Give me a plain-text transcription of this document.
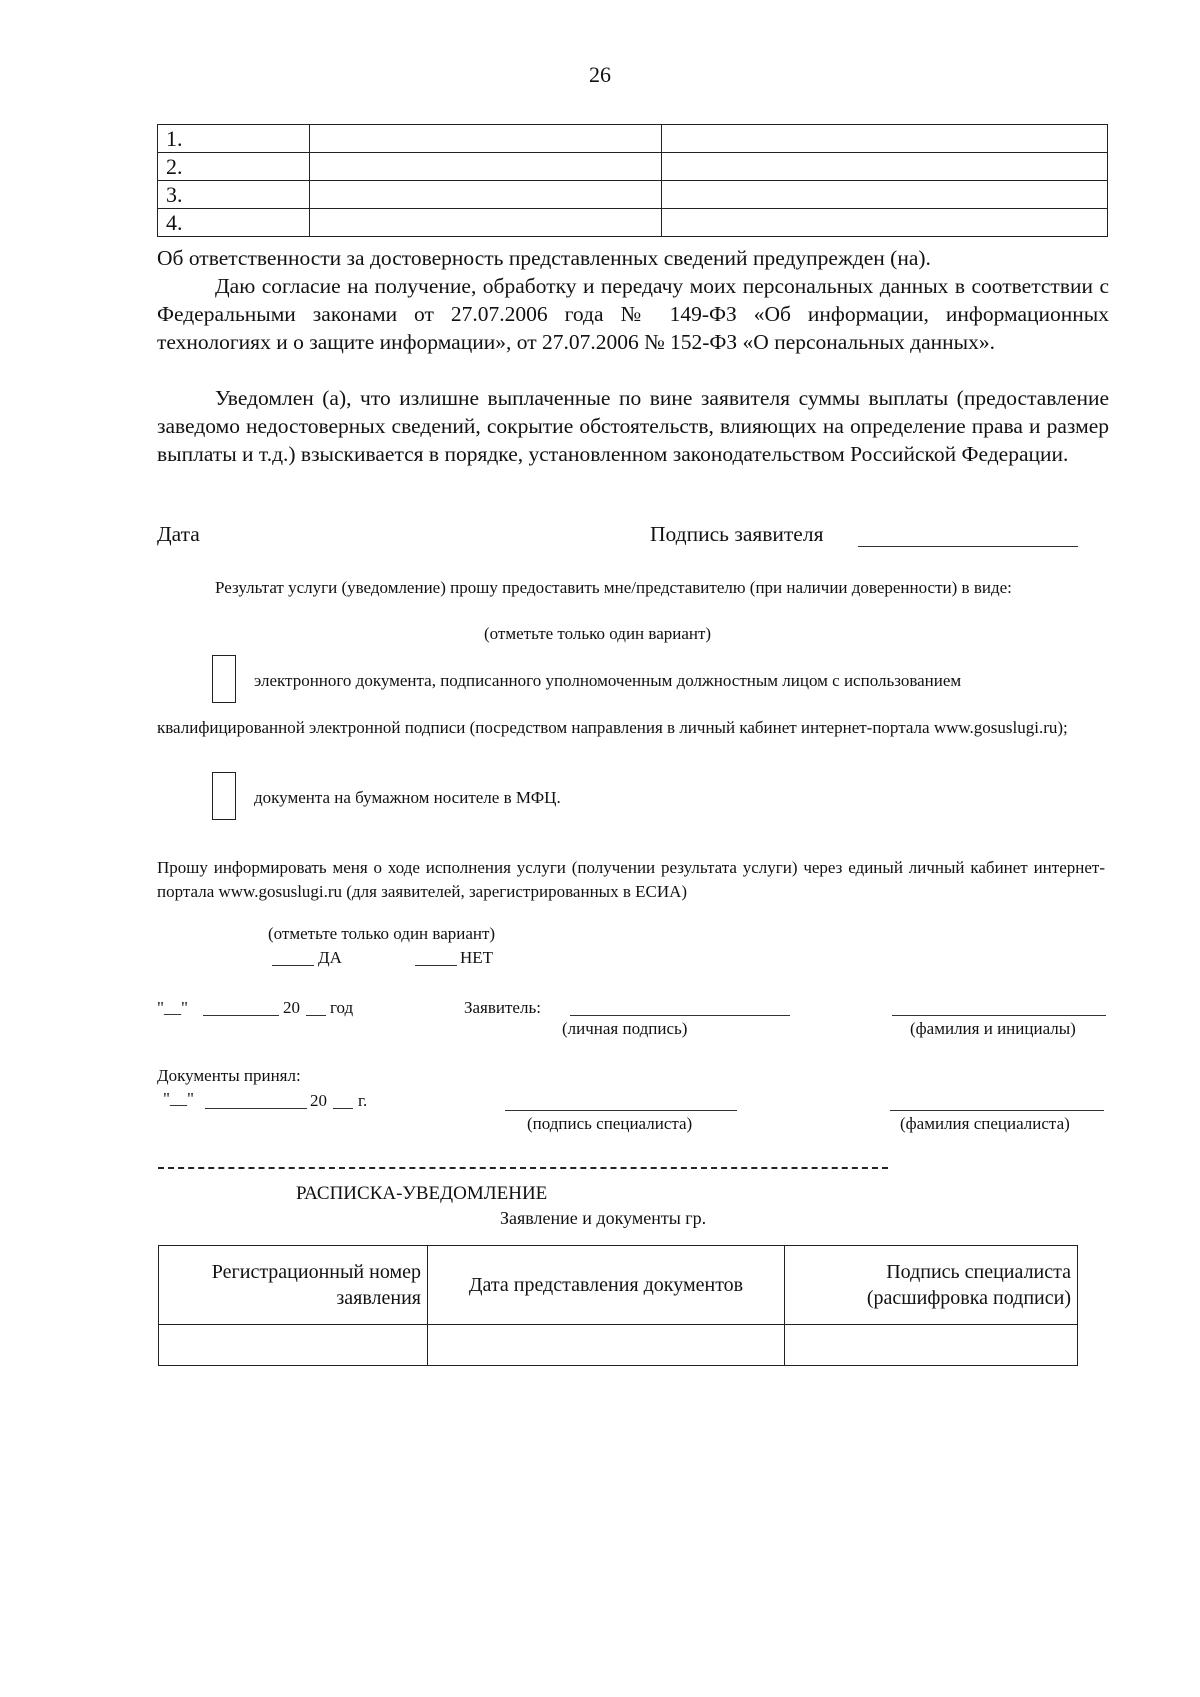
26
1.		
2.		
3.		
4.		
Об ответственности за достоверность представленных сведений предупрежден (на).
Даю согласие на получение, обработку и передачу моих персональных данных в соответствии с Федеральными законами от 27.07.2006 года № 149-ФЗ «Об информации, информационных технологиях и о защите информации», от 27.07.2006 № 152-ФЗ «О персональных данных».
Уведомлен (а), что излишне выплаченные по вине заявителя суммы выплаты (предоставление заведомо недостоверных сведений, сокрытие обстоятельств, влияющих на определение права и размер выплаты и т.д.) взыскивается в порядке, установленном законодательством Российской Федерации.
Дата	Подпись заявителя
Результат услуги (уведомление) прошу предоставить мне/представителю (при наличии доверенности) в виде:
(отметьте только один вариант)
электронного документа, подписанного уполномоченным должностным лицом с использованием
квалифицированной электронной подписи (посредством направления в личный кабинет интернет-портала www.gosuslugi.ru);
документа на бумажном носителе в МФЦ.
Прошу информировать меня о ходе исполнения услуги (получении результата услуги) через единый личный кабинет интернет-портала www.gosuslugi.ru (для заявителей, зарегистрированных в ЕСИА)
(отметьте только один вариант)
ДА	НЕТ
"__"	20 год	Заявитель:
(личная подпись)	(фамилия и инициалы)
Документы принял:
"__"	20 г.
(подпись специалиста)	(фамилия специалиста)
РАСПИСКА-УВЕДОМЛЕНИЕ
Заявление и документы гр.
Регистрационный номер заявления	Дата представления документов	Подпись специалиста (расшифровка подписи)
